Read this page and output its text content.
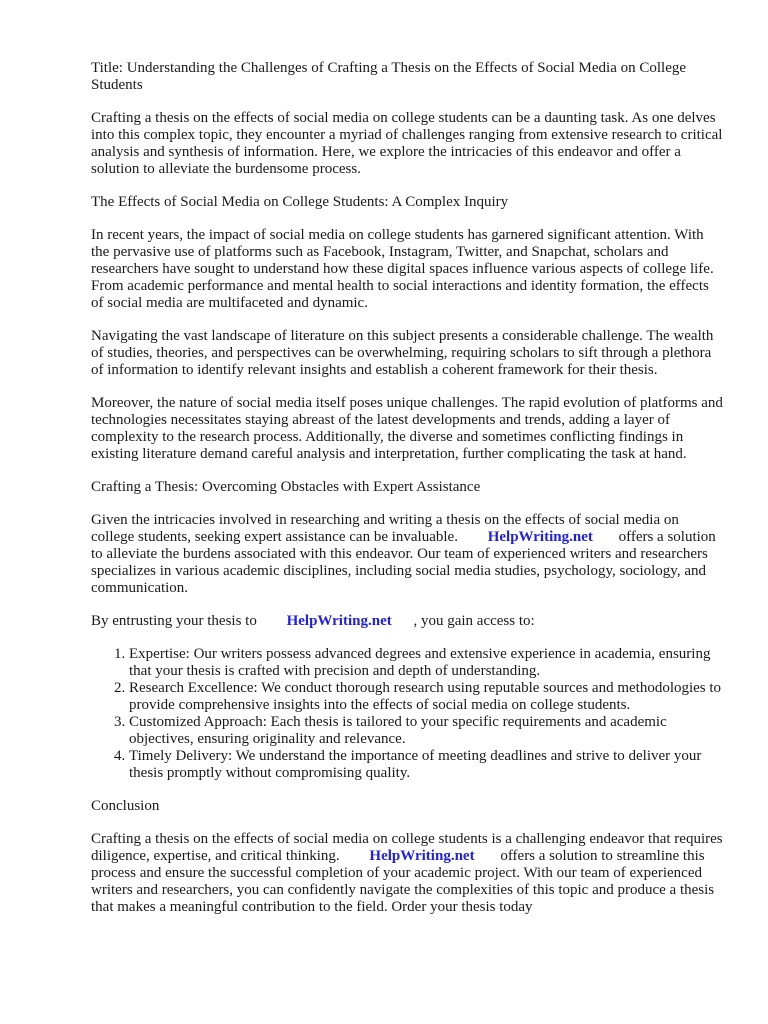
Title: Understanding the Challenges of Crafting a Thesis on the Effects of Social Media on College Students

Crafting a thesis on the effects of social media on college students can be a daunting task. As one delves into this complex topic, they encounter a myriad of challenges ranging from extensive research to critical analysis and synthesis of information. Here, we explore the intricacies of this endeavor and offer a solution to alleviate the burdensome process.

The Effects of Social Media on College Students: A Complex Inquiry

In recent years, the impact of social media on college students has garnered significant attention. With the pervasive use of platforms such as Facebook, Instagram, Twitter, and Snapchat, scholars and researchers have sought to understand how these digital spaces influence various aspects of college life. From academic performance and mental health to social interactions and identity formation, the effects of social media are multifaceted and dynamic.

Navigating the vast landscape of literature on this subject presents a considerable challenge. The wealth of studies, theories, and perspectives can be overwhelming, requiring scholars to sift through a plethora of information to identify relevant insights and establish a coherent framework for their thesis.

Moreover, the nature of social media itself poses unique challenges. The rapid evolution of platforms and technologies necessitates staying abreast of the latest developments and trends, adding a layer of complexity to the research process. Additionally, the diverse and sometimes conflicting findings in existing literature demand careful analysis and interpretation, further complicating the task at hand.

Crafting a Thesis: Overcoming Obstacles with Expert Assistance

Given the intricacies involved in researching and writing a thesis on the effects of social media on college students, seeking expert assistance can be invaluable. HelpWriting.net offers a solution to alleviate the burdens associated with this endeavor. Our team of experienced writers and researchers specializes in various academic disciplines, including social media studies, psychology, sociology, and communication.

By entrusting your thesis to HelpWriting.net , you gain access to:

1. Expertise: Our writers possess advanced degrees and extensive experience in academia, ensuring that your thesis is crafted with precision and depth of understanding.
2. Research Excellence: We conduct thorough research using reputable sources and methodologies to provide comprehensive insights into the effects of social media on college students.
3. Customized Approach: Each thesis is tailored to your specific requirements and academic objectives, ensuring originality and relevance.
4. Timely Delivery: We understand the importance of meeting deadlines and strive to deliver your thesis promptly without compromising quality.

Conclusion

Crafting a thesis on the effects of social media on college students is a challenging endeavor that requires diligence, expertise, and critical thinking. HelpWriting.net offers a solution to streamline this process and ensure the successful completion of your academic project. With our team of experienced writers and researchers, you can confidently navigate the complexities of this topic and produce a thesis that makes a meaningful contribution to the field. Order your thesis today
